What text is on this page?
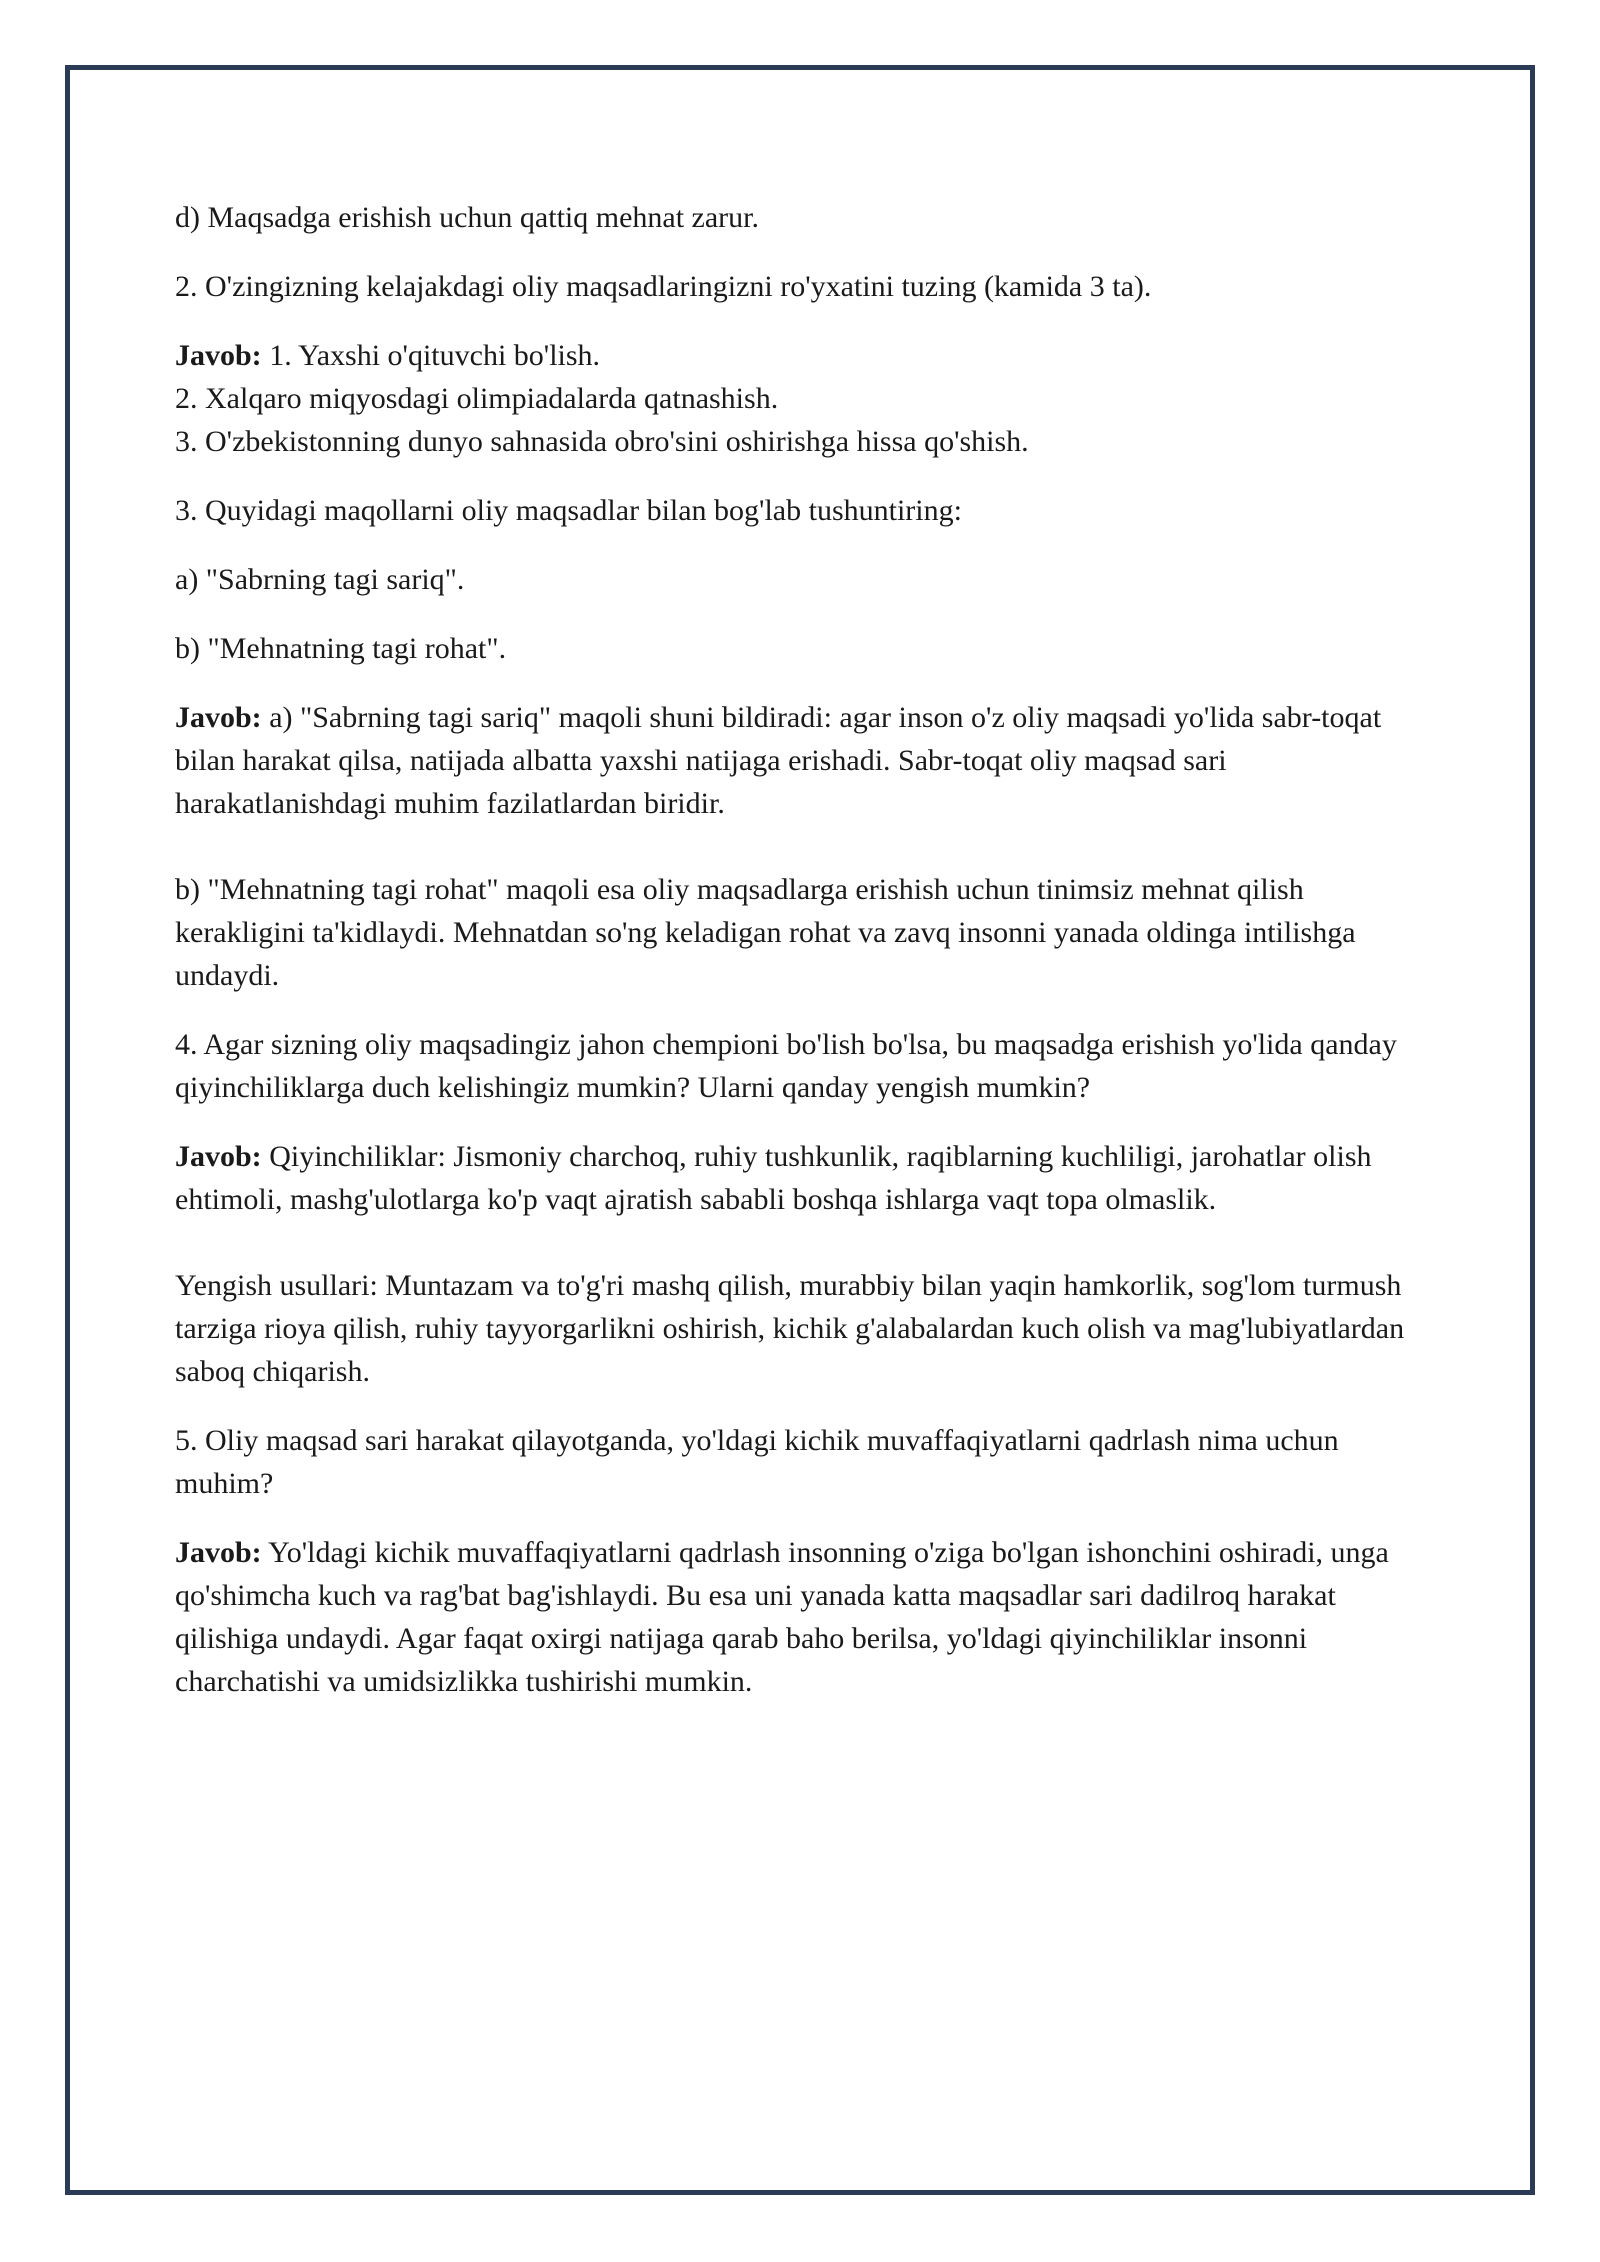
d) Maqsadga erishish uchun qattiq mehnat zarur.

2. O'zingizning kelajakdagi oliy maqsadlaringizni ro'yxatini tuzing (kamida 3 ta).

Javob: 1. Yaxshi o'qituvchi bo'lish.
2. Xalqaro miqyosdagi olimpiadalarda qatnashish.
3. O'zbekistonning dunyo sahnasida obro'sini oshirishga hissa qo'shish.

3. Quyidagi maqollarni oliy maqsadlar bilan bog'lab tushuntiring:

a) "Sabrning tagi sariq".

b) "Mehnatning tagi rohat".

Javob: a) "Sabrning tagi sariq" maqoli shuni bildiradi: agar inson o'z oliy maqsadi yo'lida sabr-toqat bilan harakat qilsa, natijada albatta yaxshi natijaga erishadi. Sabr-toqat oliy maqsad sari harakatlanishdagi muhim fazilatlardan biridir.

b) "Mehnatning tagi rohat" maqoli esa oliy maqsadlarga erishish uchun tinimsiz mehnat qilish kerakligini ta'kidlaydi. Mehnatdan so'ng keladigan rohat va zavq insonni yanada oldinga intilishga undaydi.

4. Agar sizning oliy maqsadingiz jahon chempioni bo'lish bo'lsa, bu maqsadga erishish yo'lida qanday qiyinchiliklarga duch kelishingiz mumkin? Ularni qanday yengish mumkin?

Javob: Qiyinchiliklar: Jismoniy charchoq, ruhiy tushkunlik, raqiblarning kuchliligi, jarohatlar olish ehtimoli, mashg'ulotlarga ko'p vaqt ajratish sababli boshqa ishlarga vaqt topa olmaslik.

Yengish usullari: Muntazam va to'g'ri mashq qilish, murabbiy bilan yaqin hamkorlik, sog'lom turmush tarziga rioya qilish, ruhiy tayyorgarlikni oshirish, kichik g'alabalardan kuch olish va mag'lubiyatlardan saboq chiqarish.

5. Oliy maqsad sari harakat qilayotganda, yo'ldagi kichik muvaffaqiyatlarni qadrlash nima uchun muhim?

Javob: Yo'ldagi kichik muvaffaqiyatlarni qadrlash insonning o'ziga bo'lgan ishonchini oshiradi, unga qo'shimcha kuch va rag'bat bag'ishlaydi. Bu esa uni yanada katta maqsadlar sari dadilroq harakat qilishiga undaydi. Agar faqat oxirgi natijaga qarab baho berilsa, yo'ldagi qiyinchiliklar insonni charchatishi va umidsizlikka tushirishi mumkin.
